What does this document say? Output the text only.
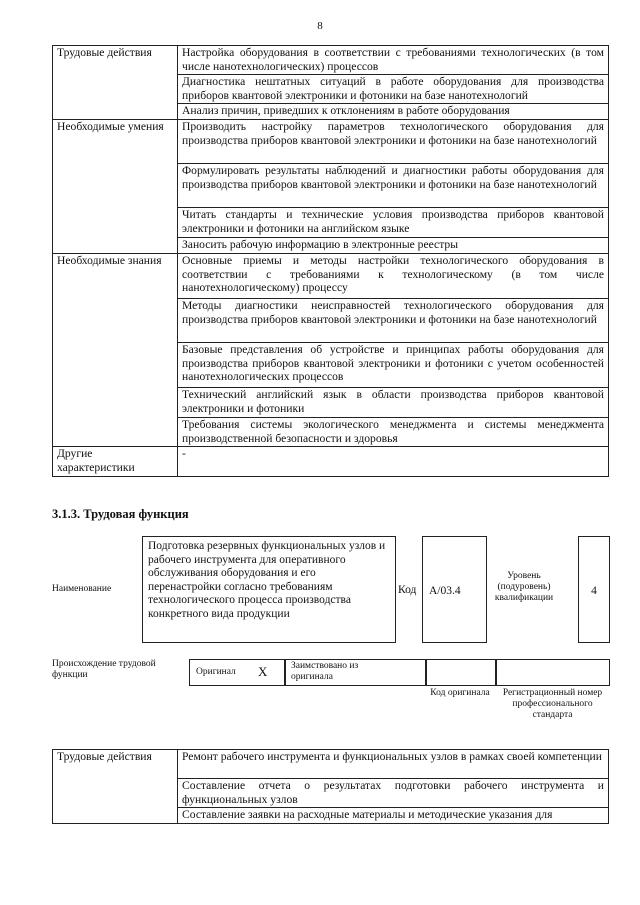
8
Трудовые действия	Настройка оборудования в соответствии с требованиями технологических (в том числе нанотехнологических) процессов
	Диагностика нештатных ситуаций в работе оборудования для производства приборов квантовой электроники и фотоники на базе нанотехнологий
	Анализ причин, приведших к отклонениям в работе оборудования
Необходимые умения	Производить настройку параметров технологического оборудования для производства приборов квантовой электроники и фотоники на базе нанотехнологий
	Формулировать результаты наблюдений и диагностики работы оборудования для производства приборов квантовой электроники и фотоники на базе нанотехнологий
	Читать стандарты и технические условия производства приборов квантовой электроники и фотоники на английском языке
	Заносить рабочую информацию в электронные реестры
Необходимые знания	Основные приемы и методы настройки технологического оборудования в соответствии с требованиями к технологическому (в том числе нанотехнологическому) процессу
	Методы диагностики неисправностей технологического оборудования для производства приборов квантовой электроники и фотоники на базе нанотехнологий
	Базовые представления об устройстве и принципах работы оборудования для производства приборов квантовой электроники и фотоники с учетом особенностей нанотехнологических процессов
	Технический английский язык в области производства приборов квантовой электроники и фотоники
	Требования системы экологического менеджмента и системы менеджмента производственной безопасности и здоровья
Другие характеристики	-
3.1.3. Трудовая функция
Наименование
Подготовка резервных функциональных узлов и рабочего инструмента для оперативного обслуживания оборудования и его перенастройки согласно требованиям технологического процесса производства конкретного вида продукции
Код A/03.4
Уровень (подуровень) квалификации
4
Происхождение трудовой функции	Оригинал X Заимствовано из оригинала
Код оригинала	Регистрационный номер профессионального стандарта
Трудовые действия	Ремонт рабочего инструмента и функциональных узлов в рамках своей компетенции
Составление отчета о результатах подготовки рабочего инструмента и функциональных узлов
Составление заявки на расходные материалы и методические указания для
